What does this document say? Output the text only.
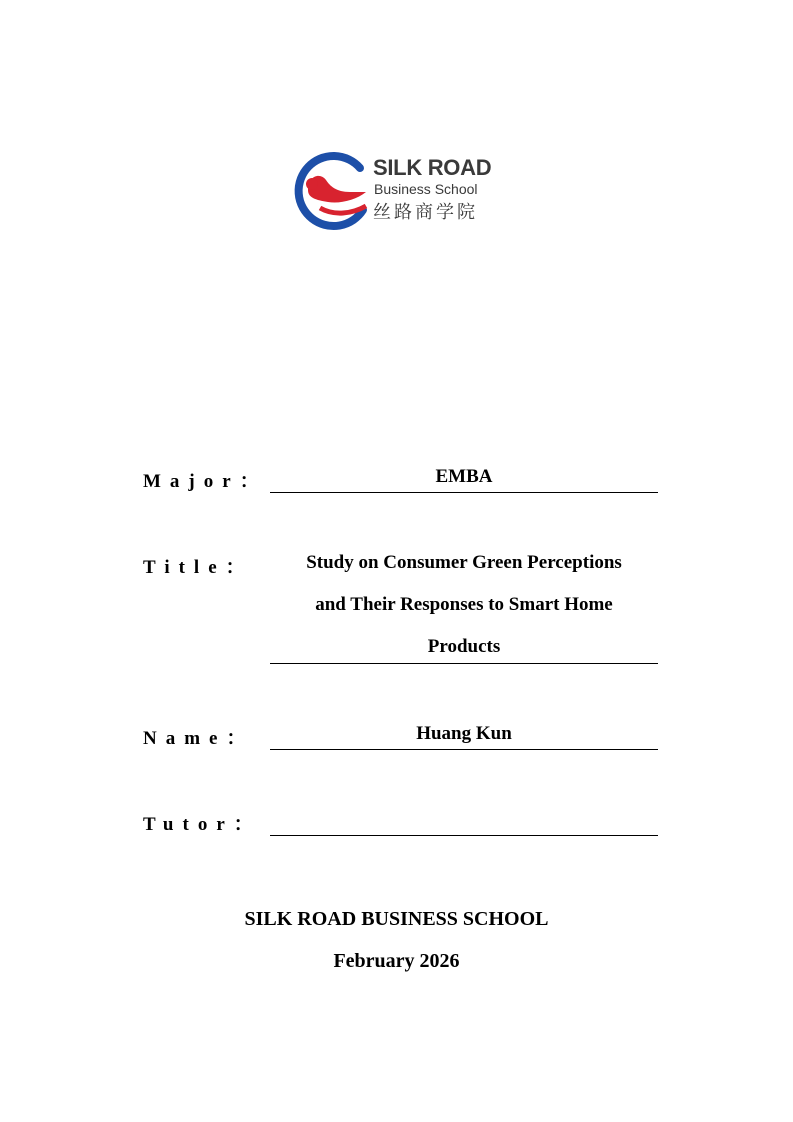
SILK ROAD
Business School
丝路商学院
Major：	EMBA
Title：	Study on Consumer Green Perceptions
and Their Responses to Smart Home
Products
Name：	Huang Kun
Tutor：
SILK ROAD BUSINESS SCHOOL
February 2026
